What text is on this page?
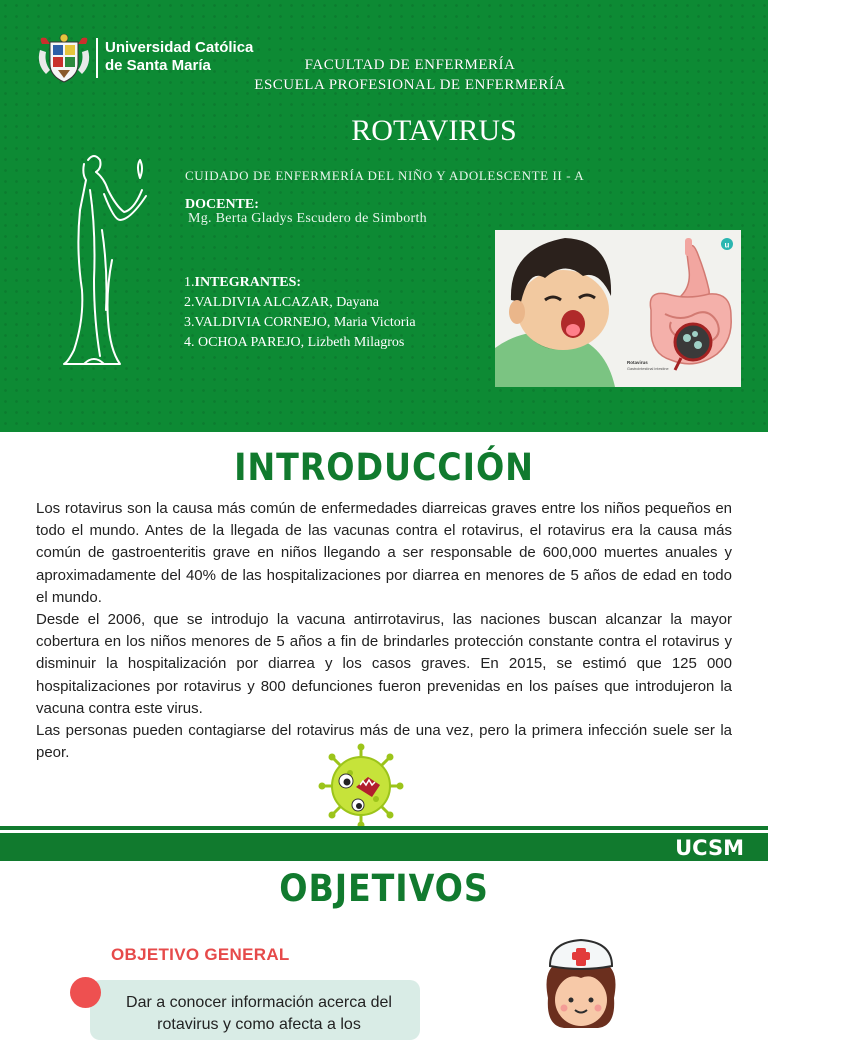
Universidad Católica
de Santa María	FACULTAD DE ENFERMERÍA
ESCUELA PROFESIONAL DE ENFERMERÍA
ROTAVIRUS
CUIDADO DE ENFERMERÍA DEL NIÑO Y ADOLESCENTE II - A
DOCENTE:
Mg. Berta Gladys Escudero de Simborth
1.INTEGRANTES:
2.VALDIVIA ALCAZAR, Dayana
3.VALDIVIA CORNEJO, Maria Victoria
4. OCHOA PAREJO, Lizbeth Milagros
u
Rotavirus
Gastrointestinal intestine
INTRODUCCIÓN

Los rotavirus son la causa más común de enfermedades diarreicas graves entre los niños pequeños en todo el mundo. Antes de la llegada de las vacunas contra el rotavirus, el rotavirus era la causa más común de gastroenteritis grave en niños llegando a ser responsable de 600,000 muertes anuales y aproximadamente del 40% de las hospitalizaciones por diarrea en menores de 5 años de edad en todo el mundo.

Desde el 2006, que se introdujo la vacuna antirrotavirus, las naciones buscan alcanzar la mayor cobertura en los niños menores de 5 años a fin de brindarles protección constante contra el rotavirus y disminuir la hospitalización por diarrea y los casos graves. En 2015, se estimó que 125 000 hospitalizaciones por rotavirus y 800 defunciones fueron prevenidas en los países que introdujeron la vacuna contra este virus.

Las personas pueden contagiarse del rotavirus más de una vez, pero la primera infección suele ser la peor.

UCSM
OBJETIVOS
OBJETIVO GENERAL
Dar a conocer información acerca del rotavirus y como afecta a los
